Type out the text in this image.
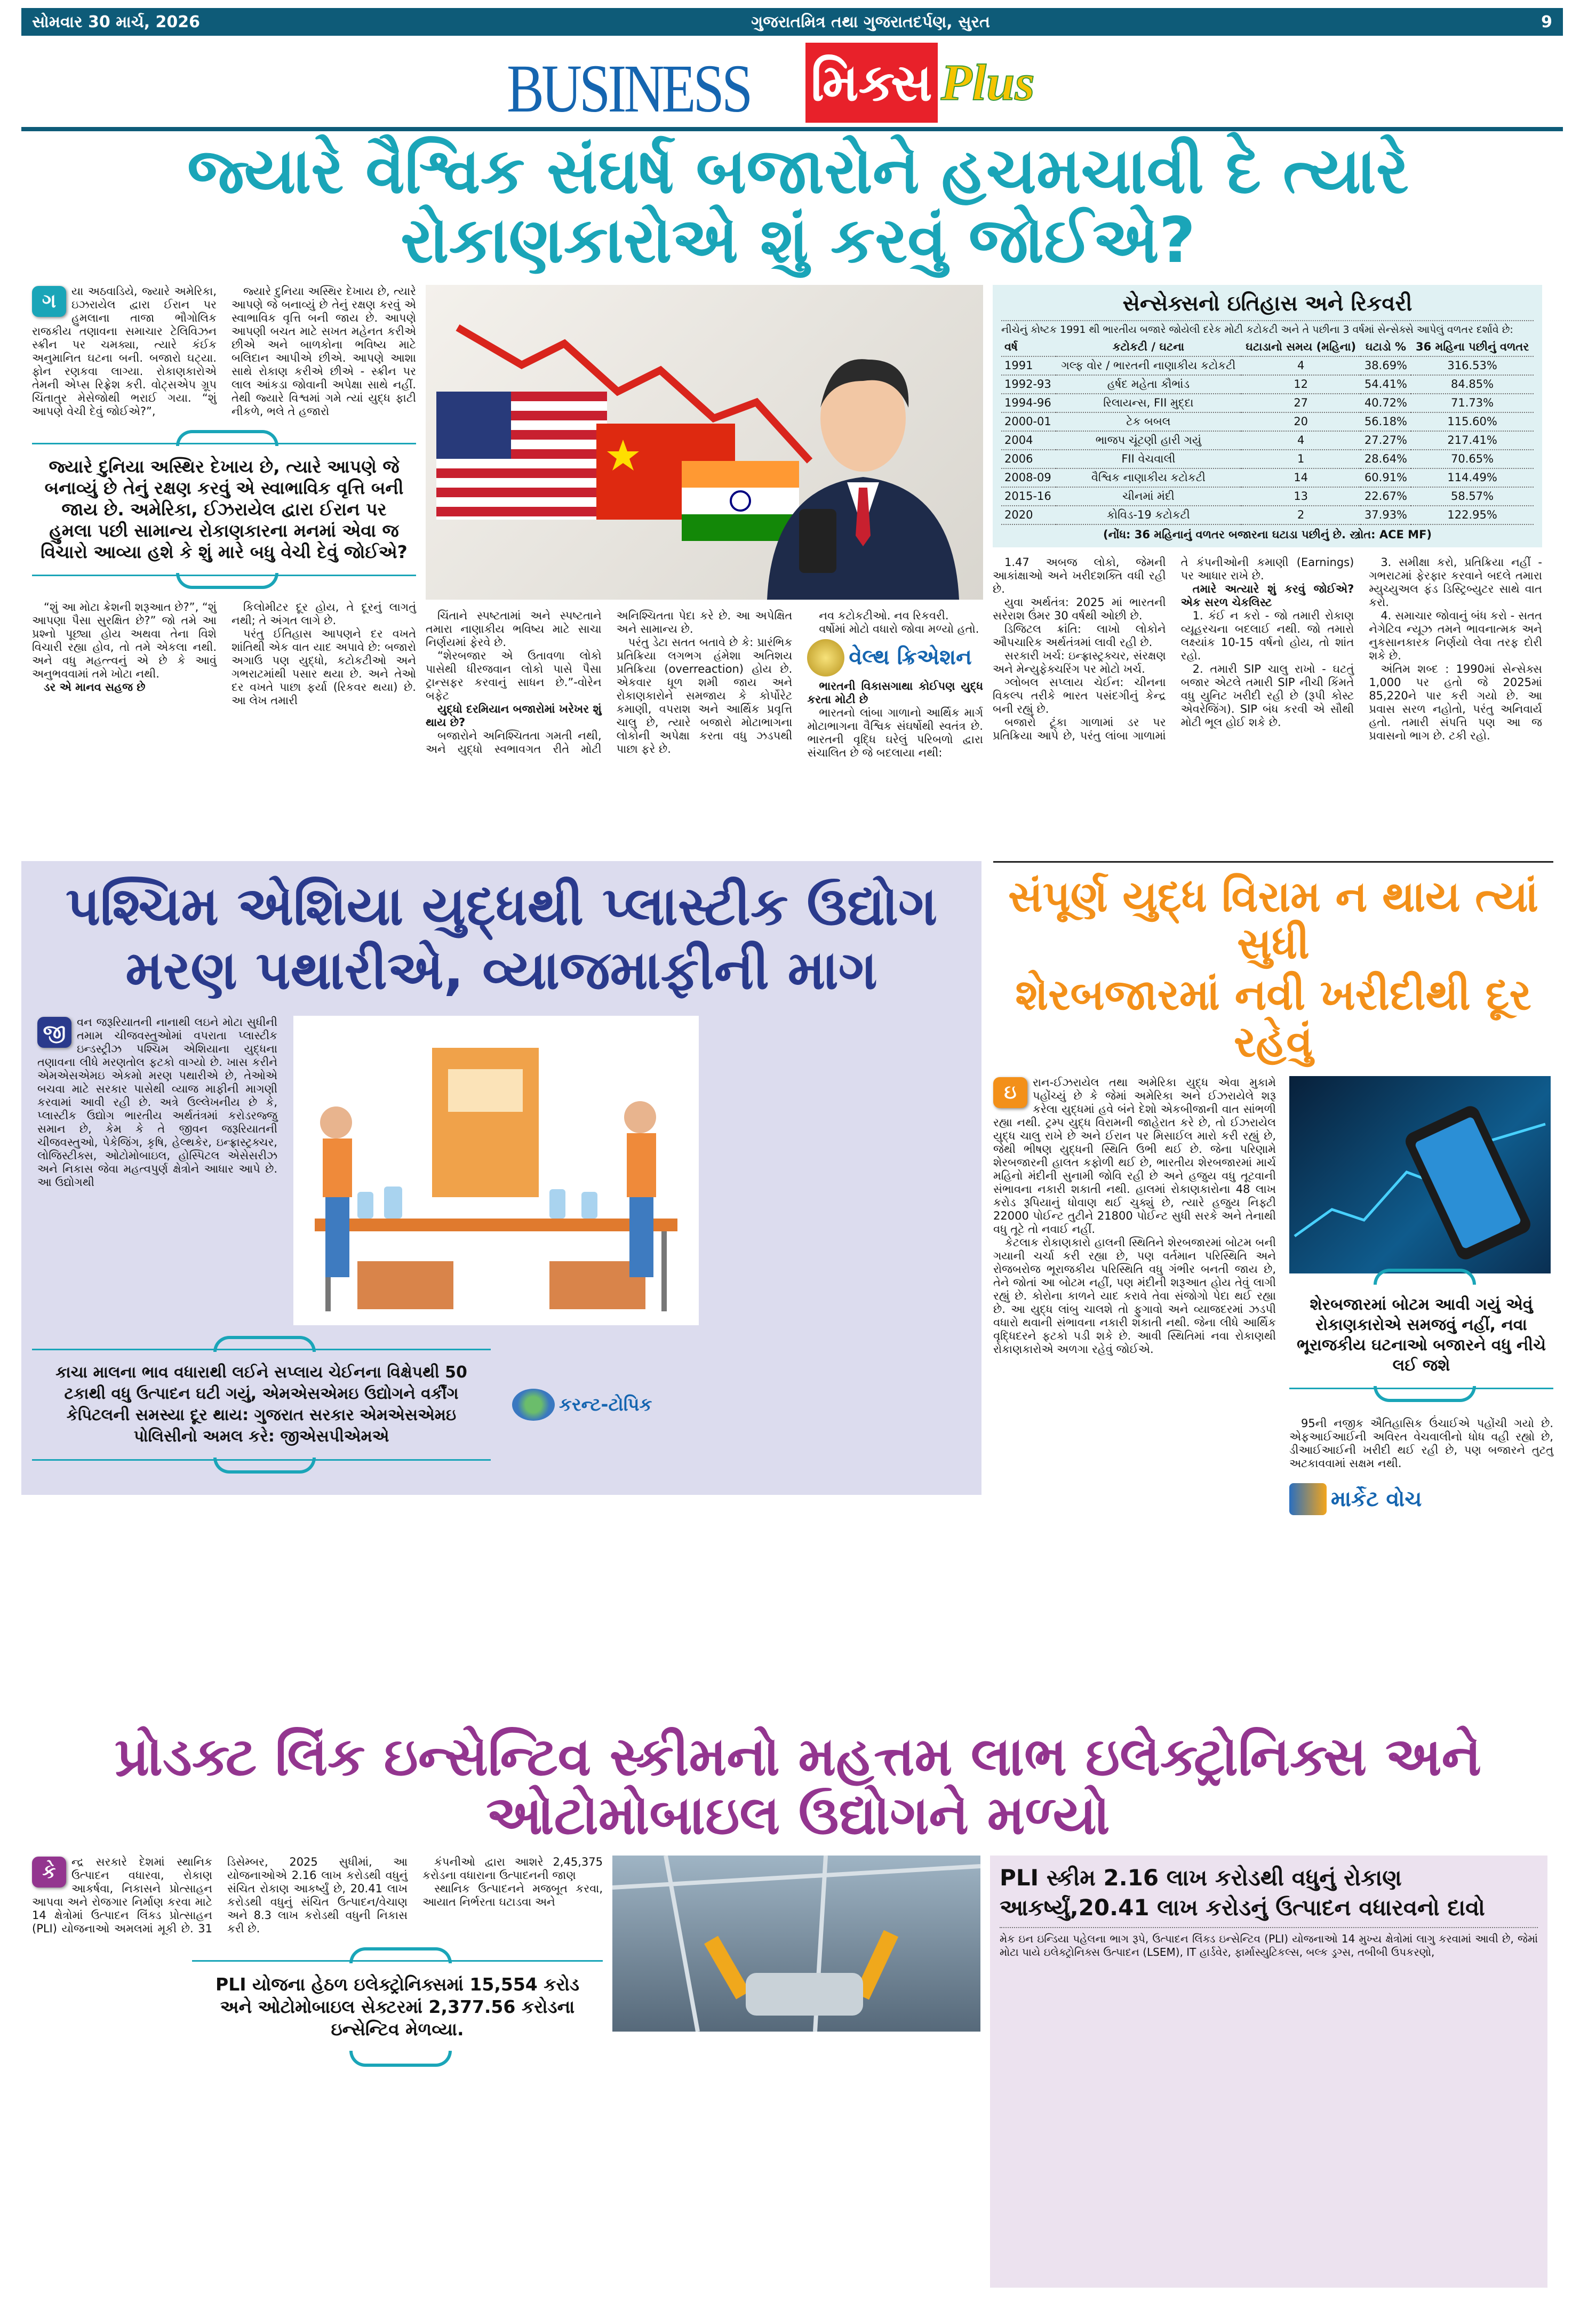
સોમવાર 30 માર્ચ, 2026	ગુજરાતમિત્ર તથા ગુજરાતદર્પણ, સુરત	9
BUSINESS મિક્સ Plus
જ્યારે વૈશ્વિક સંઘર્ષ બજારોને હચમચાવી દે ત્યારે રોકાણકારોએ શું કરવું જોઈએ?

ગ	યા અઠવાડિયે, જ્યારે અમેરિકા, ઇઝરાયેલ દ્વારા ઈરાન પર હુમલાના તાજા ભૌગોલિક રાજકીય તણાવના સમાચાર ટેલિવિઝન સ્ક્રીન પર ચમક્યા, ત્યારે કંઈક અનુમાનિત ઘટના બની. બજારો ઘટ્યા. ફોન રણકવા લાગ્યા. રોકાણકારોએ તેમની એપ્સ રિફ્રેશ કરી. વોટ્સએપ ગ્રૂપ ચિંતાતુર મેસેજોથી ભરાઈ ગયા. “શું આપણે વેચી દેવું જોઈએ?”,

જ્યારે દુનિયા અસ્થિર દેખાય છે, ત્યારે આપણે જે બનાવ્યું છે તેનું રક્ષણ કરવું એ સ્વાભાવિક વૃત્તિ બની જાય છે. આપણે આપણી બચત માટે સખત મહેનત કરીએ છીએ અને બાળકોના ભવિષ્ય માટે બલિદાન આપીએ છીએ. આપણે આશા સાથે રોકાણ કરીએ છીએ - સ્ક્રીન પર લાલ આંકડા જોવાની અપેક્ષા સાથે નહીં. તેથી જ્યારે વિશ્વમાં ગમે ત્યાં યુદ્ધ ફાટી નીકળે, ભલે તે હજારો

જ્યારે દુનિયા અસ્થિર દેખાય છે, ત્યારે આપણે જે બનાવ્યું છે તેનું રક્ષણ કરવું એ સ્વાભાવિક વૃત્તિ બની જાય છે. અમેરિકા, ઈઝરાયેલ દ્વારા ઈરાન પર હુમલા પછી સામાન્ય રોકાણકારના મનમાં એવા જ વિચારો આવ્યા હશે કે શું મારે બધુ વેચી દેવું જોઈએ?

“શું આ મોટા ક્રેશની શરૂઆત છે?”, “શું આપણા પૈસા સુરક્ષિત છે?” જો તમે આ પ્રશ્નો પૂછ્યા હોય અથવા તેના વિશે વિચારી રહ્યા હોવ, તો તમે એકલા નથી. અને વધુ મહત્ત્વનું એ છે કે આવું અનુભવવામાં તમે ખોટા નથી.

ડર એ માનવ સહજ છે

કિલોમીટર દૂર હોય, તે દૂરનું લાગતું નથી; તે અંગત લાગે છે.

પરંતુ ઈતિહાસ આપણને દર વખતે શાંતિથી એક વાત યાદ અપાવે છે: બજારો અગાઉ પણ યુદ્ધો, કટોકટીઓ અને ગભરાટમાંથી પસાર થયા છે. અને તેઓ દર વખતે પાછા ફર્યા (રિકવર થયા) છે. આ લેખ તમારી

ચિંતાને સ્પષ્ટતામાં અને સ્પષ્ટતાને તમારા નાણાકીય ભવિષ્ય માટે સાચા નિર્ણયમાં ફેરવે છે.

“શેરબજાર એ ઉતાવળા લોકો પાસેથી ધીરજવાન લોકો પાસે પૈસા ટ્રાન્સફર કરવાનું સાધન છે.”-વોરેન બફેટ

યુદ્ધો દરમિયાન બજારોમાં ખરેખર શું થાય છે?

બજારોને અનિશ્ચિતતા ગમતી નથી, અને યુદ્ધો સ્વભાવગત રીતે મોટી અનિશ્ચિતતા પેદા કરે છે. આ અપેક્ષિત અને સામાન્ય છે.

પરંતુ ડેટા સતત બતાવે છે કે: પ્રારંભિક પ્રતિક્રિયા લગભગ હંમેશા અતિશય પ્રતિક્રિયા (overreaction) હોય છે. એકવાર ધૂળ શમી જાય અને રોકાણકારોને સમજાય કે કોર્પોરેટ કમાણી, વપરાશ અને આર્થિક પ્રવૃત્તિ ચાલુ છે, ત્યારે બજારો મોટાભાગના લોકોની અપેક્ષા કરતા વધુ ઝડપથી પાછા ફરે છે.

નવ કટોકટીઓ. નવ રિકવરી.

વર્ષોમાં મોટો વધારો જોવા મળ્યો હતો.

વેલ્થ ક્રિએશન

ભારતની વિકાસગાથા કોઈપણ યુદ્ધ કરતા મોટી છે

ભારતનો લાંબા ગાળાનો આર્થિક માર્ગ મોટાભાગના વૈશ્વિક સંઘર્ષોથી સ્વતંત્ર છે. ભારતની વૃદ્ધિ ઘરેલું પરિબળો દ્વારા સંચાલિત છે જે બદલાયા નથી:

સેન્સેક્સનો ઇતિહાસ અને રિકવરી
નીચેનું કોષ્ટક 1991 થી ભારતીય બજારે જોયેલી દરેક મોટી કટોકટી અને તે પછીના 3 વર્ષમાં સેન્સેક્સે આપેલું વળતર દર્શાવે છે:
વર્ષ	કટોકટી / ઘટના	ઘટાડાનો સમય (મહિના)	ઘટાડો %	36 મહિના પછીનું વળતર
1991	ગલ્ફ વોર / ભારતની નાણાકીય કટોકટી	4	38.69%	316.53%
1992-93	હર્ષદ મહેતા કૌભાંડ	12	54.41%	84.85%
1994-96	રિલાયન્સ, FII મુદ્દા	27	40.72%	71.73%
2000-01	ટેક બબલ	20	56.18%	115.60%
2004	ભાજપ ચૂંટણી હારી ગયું	4	27.27%	217.41%
2006	FII વેચવાલી	1	28.64%	70.65%
2008-09	વૈશ્વિક નાણાકીય કટોકટી	14	60.91%	114.49%
2015-16	ચીનમાં મંદી	13	22.67%	58.57%
2020	કોવિડ-19 કટોકટી	2	37.93%	122.95%
(નોંધ: 36 મહિનાનું વળતર બજારના ઘટાડા પછીનું છે. સ્ત્રોત: ACE MF)

1.47 અબજ લોકો, જેમની આકાંક્ષાઓ અને ખરીદશક્તિ વધી રહી છે.

યુવા અર્થતંત્ર: 2025 માં ભારતની સરેરાશ ઉંમર 30 વર્ષથી ઓછી છે.

ડિજિટલ ક્રાંતિ: લાખો લોકોને ઔપચારિક અર્થતંત્રમાં લાવી રહી છે.

સરકારી ખર્ચ: ઇન્ફ્રાસ્ટ્રક્ચર, સંરક્ષણ અને મેન્યુફેક્ચરિંગ પર મોટો ખર્ચ.

ગ્લોબલ સપ્લાય ચેઈન: ચીનના વિકલ્પ તરીકે ભારત પસંદગીનું કેન્દ્ર બની રહ્યું છે.

બજારો ટૂંકા ગાળામાં ડર પર પ્રતિક્રિયા આપે છે, પરંતુ લાંબા ગાળામાં તે કંપનીઓની કમાણી (Earnings) પર આધાર રાખે છે.

તમારે અત્યારે શું કરવું જોઈએ? એક સરળ ચેકલિસ્ટ

1. કંઈ ન કરો - જો તમારી રોકાણ વ્યૂહરચના બદલાઈ નથી. જો તમારો લક્ષ્યાંક 10-15 વર્ષનો હોય, તો શાંત રહો.

2. તમારી SIP ચાલુ રાખો - ઘટતું બજાર એટલે તમારી SIP નીચી કિંમતે વધુ યુનિટ ખરીદી રહી છે (રૂપી કોસ્ટ એવરેજિંગ). SIP બંધ કરવી એ સૌથી મોટી ભૂલ હોઈ શકે છે.

3. સમીક્ષા કરો, પ્રતિક્રિયા નહીં - ગભરાટમાં ફેરફાર કરવાને બદલે તમારા મ્યુચ્યુઅલ ફંડ ડિસ્ટ્રિબ્યુટર સાથે વાત કરો.

4. સમાચાર જોવાનું બંધ કરો - સતત નેગેટિવ ન્યૂઝ તમને ભાવનાત્મક અને નુકસાનકારક નિર્ણયો લેવા તરફ દોરી શકે છે.

અંતિમ શબ્દ : 1990માં સેન્સેક્સ 1,000 પર હતો જે 2025માં 85,220ને પાર કરી ગયો છે. આ પ્રવાસ સરળ નહોતો, પરંતુ અનિવાર્ય હતો. તમારી સંપત્તિ પણ આ જ પ્રવાસનો ભાગ છે. ટકી રહો.

પશ્ચિમ એશિયા યુદ્ધથી પ્લાસ્ટીક ઉદ્યોગ
મરણ પથારીએ, વ્યાજમાફીની માગ

જી વન જરૂરિયાતની નાનાથી લઇને મોટા સુધીની તમામ ચીજવસ્તુઓમાં વપરાતા પ્લાસ્ટીક ઇન્ડસ્ટ્રીઝ પશ્ચિમ એશિયાના યુદ્ધના તણાવના લીધે મરણતોલ ફટકો વાગ્યો છે. ખાસ કરીને એમએસએમઇ એકમો મરણ પથારીએ છે, તેઓએ બચવા માટે સરકાર પાસેથી વ્યાજ માફીની માગણી કરવામાં આવી રહી છે. અત્રે ઉલ્લેખનીય છે કે, પ્લાસ્ટીક ઉદ્યોગ ભારતીય અર્થતંત્રમાં કરોડરજ્જુ સમાન છે, કેમ કે તે જીવન જરૂરિયાતની ચીજવસ્તુઓ, પેકેજિંગ, કૃષિ, હેલ્થકેર, ઇન્ફ્રાસ્ટ્રક્ચર, લોજિસ્ટીક્સ, ઓટોમોબાઇલ, હોસ્પિટલ એસેસરીઝ અને નિકાસ જેવા મહત્વપુર્ણ ક્ષેત્રોને આધાર આપે છે. આ ઉદ્યોગથી

કાચા માલના ભાવ વધારાથી લઈને સપ્લાય ચેઈનના વિક્ષેપથી 50 ટકાથી વધુ ઉત્પાદન ઘટી ગયું, એમએસએમઇ ઉદ્યોગને વર્કીંગ કેપિટલની સમસ્યા દૂર થાય: ગુજરાત સરકાર એમએસએમઇ પોલિસીનો અમલ કરે: જીએસપીએમએ
કરન્ટ-ટોપિક
સંપૂર્ણ યુદ્ધ વિરામ ન થાય ત્યાં સુધી
શેરબજારમાં નવી ખરીદીથી દૂર રહેવું

ઇ	રાન-ઈઝરાયેલ તથા અમેરિકા યુદ્ધ એવા મુકામે પહોંચ્યું છે કે જેમાં અમેરિકા અને ઈઝરાયેલે શરૂ કરેલા યુદ્ધમાં હવે બંને દેશો એકબીજાની વાત સાંભળી રહ્યા નથી. ટ્રમ્પ યુદ્ધ વિરામની જાહેરાત કરે છે, તો ઈઝરાયેલ યુદ્ધ ચાલુ રાખે છે અને ઈરાન પર મિસાઈલ મારો કરી રહ્યું છે, જેથી ભીષણ યુદ્ધની સ્થિતિ ઉભી થઈ છે. જેના પરિણામે શેરબજારની હાલત કફોળી થઈ છે, ભારતીય શેરબજારમાં માર્ચ મહિનો મંદીની સુનામી જોવિ રહી છે અને હજુય વધુ તૂટવાની સંભાવના નકારી શકાતી નથી. હાલમાં રોકાણકારોના 48 લાખ કરોડ રૂપિયાનું ધોવાણ થઈ ચુક્યું છે, ત્યારે હજુય નિફ્ટી 22000 પોઈન્ટ તુટીને 21800 પોઈન્ટ સુધી સરકે અને તેનાથી વધુ તૂટે તો નવાઈ નહીં.

કેટલાક રોકાણકારો હાલની સ્થિતિને શેરબજારમાં બોટમ બની ગયાની ચર્ચા કરી રહ્યા છે, પણ વર્તમાન પરિસ્થિતિ અને રોજબરોજ ભૂરાજકીય પરિસ્થિતિ વધુ ગંભીર બનતી જાય છે, તેને જોતાં આ બોટમ નહીં, પણ મંદીની શરૂઆત હોય તેવું લાગી રહ્યું છે. કોરોના કાળને યાદ કરાવે તેવા સંજોગો પેદા થઈ રહ્યા છે. આ યુદ્ધ લાંબુ ચાલશે તો ફુગાવો અને વ્યાજદરમાં ઝડપી વધારો થવાની સંભાવના નકારી શકાતી નથી. જેના લીધે આર્થિક વૃદ્ધિદરને ફટકો પડી શકે છે. આવી સ્થિતિમાં નવા રોકાણથી રોકાણકારોએ અળગા રહેવું જોઈએ.

શેરબજારમાં બોટમ આવી ગયું એવું રોકાણકારોએ સમજવું નહીં, નવા ભૂરાજકીય ઘટનાઓ બજારને વધુ નીચે લઈ જશે

95ની નજીક ઐતિહાસિક ઉંચાઈએ પહોંચી ગયો છે. એફઆઈઆઈની અવિરત વેચવાલીનો ધોધ વહી રહ્યો છે, ડીઆઈઆઈની ખરીદી થઈ રહી છે, પણ બજારને તુટતુ અટકાવવામાં સક્ષમ નથી.

માર્કેટ વોચ
પ્રોડક્ટ લિંક ઇન્સેન્ટિવ સ્કીમનો મહત્તમ લાભ ઇલેક્ટ્રોનિક્સ અને ઓટોમોબાઇલ ઉદ્યોગને મળ્યો

કે	ન્દ્ર સરકારે દેશમાં સ્થાનિક ઉત્પાદન વધારવા, રોકાણ આકર્ષવા, નિકાસને પ્રોત્સાહન આપવા અને રોજગાર નિર્માણ કરવા માટે 14 ક્ષેત્રોમાં ઉત્પાદન લિંક્ડ પ્રોત્સાહન (PLI) યોજનાઓ અમલમાં મૂકી છે. 31 ડિસેમ્બર, 2025 સુધીમાં, આ યોજનાઓએ 2.16 લાખ કરોડથી વધુનું સંચિત રોકાણ આકર્ષ્યું છે, 20.41 લાખ કરોડથી વધુનું સંચિત ઉત્પાદન/વેચાણ અને 8.3 લાખ કરોડથી વધુની નિકાસ કરી છે.

કંપનીઓ દ્વારા આશરે 2,45,375 કરોડના વધારાના ઉત્પાદનની જાણ

સ્થાનિક ઉત્પાદનને મજબૂત કરવા, આયાત નિર્ભરતા ઘટાડવા અને

PLI યોજના હેઠળ ઇલેક્ટ્રોનિક્સમાં 15,554 કરોડ અને ઓટોમોબાઇલ સેક્ટરમાં 2,377.56 કરોડના ઇન્સેન્ટિવ મેળવ્યા.
PLI સ્કીમ 2.16 લાખ કરોડથી વધુનું રોકાણ આકર્ષ્યું,20.41 લાખ કરોડનું ઉત્પાદન વધારવનો દાવો
મેક ઇન ઇન્ડિયા પહેલના ભાગ રૂપે, ઉત્પાદન લિંક્ડ ઇન્સેન્ટિવ (PLI) યોજનાઓ 14 મુખ્ય ક્ષેત્રોમાં લાગુ કરવામાં આવી છે, જેમાં મોટા પાયે ઇલેક્ટ્રોનિક્સ ઉત્પાદન (LSEM), IT હાર્ડવેર, ફાર્માસ્યુટિકલ્સ, બલ્ક ડ્રગ્સ, તબીબી ઉપકરણો,
